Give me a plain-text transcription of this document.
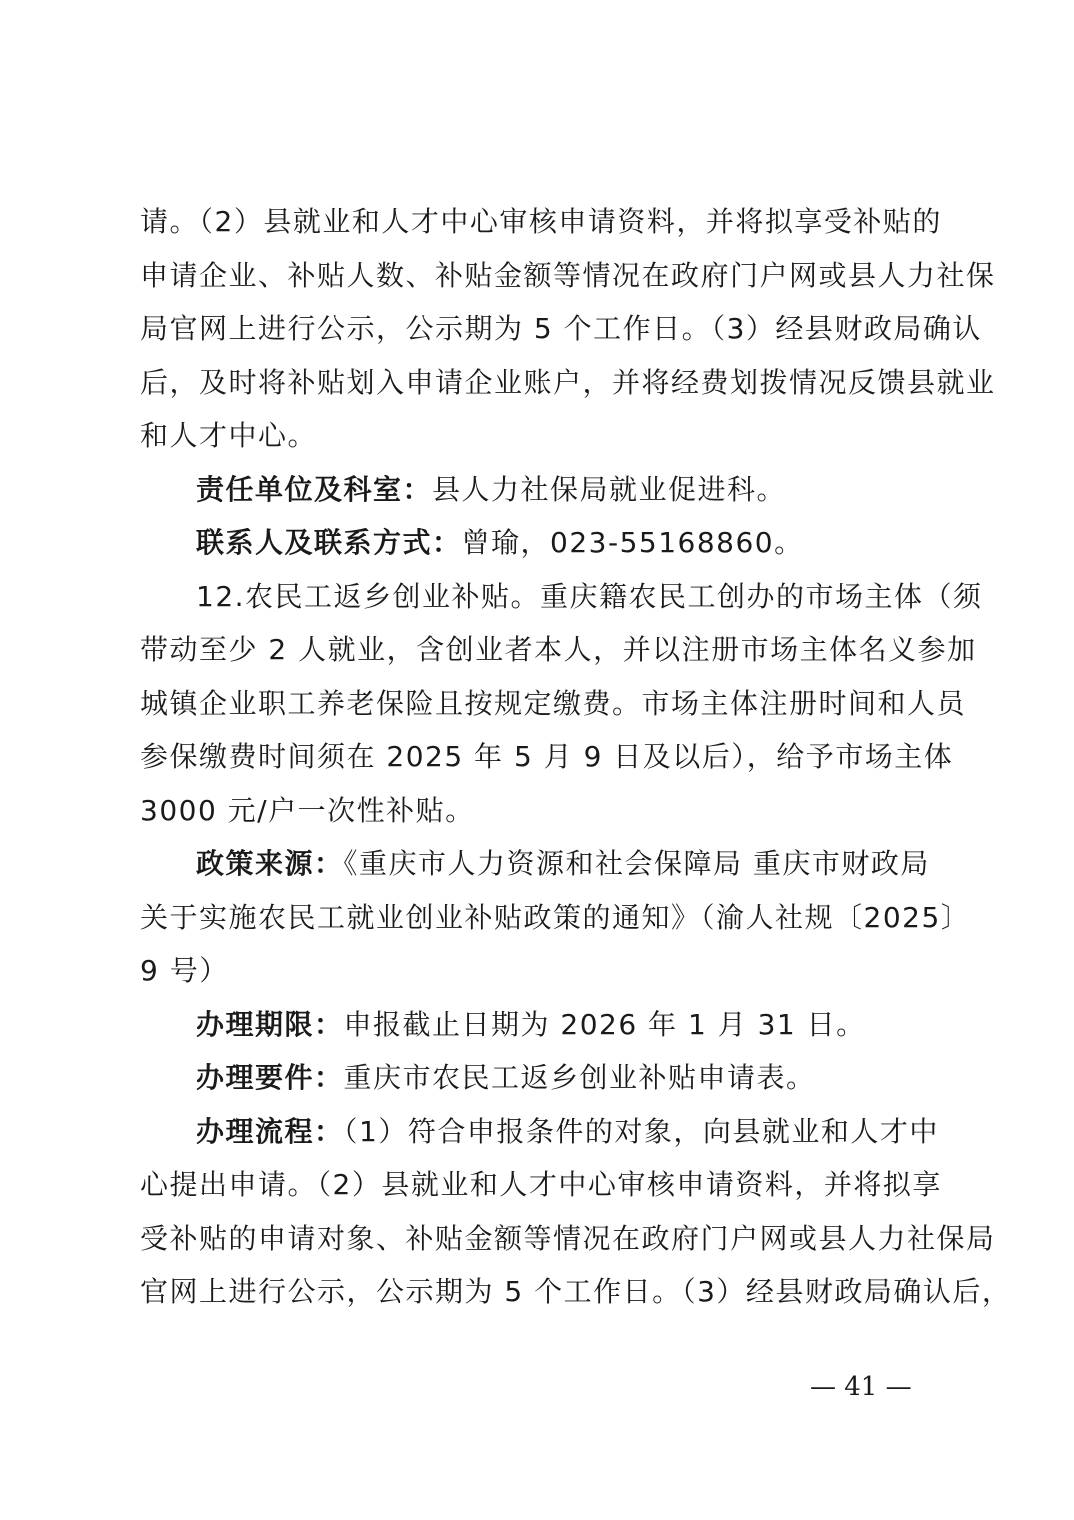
请。（2）县就业和人才中心审核申请资料，并将拟享受补贴的
申请企业、补贴人数、补贴金额等情况在政府门户网或县人力社保
局官网上进行公示，公示期为 5 个工作日。（3）经县财政局确认
后，及时将补贴划入申请企业账户，并将经费划拨情况反馈县就业
和人才中心。
责任单位及科室：县人力社保局就业促进科。
联系人及联系方式：曾瑜，023-55168860。
12.农民工返乡创业补贴。重庆籍农民工创办的市场主体（须
带动至少 2 人就业，含创业者本人，并以注册市场主体名义参加
城镇企业职工养老保险且按规定缴费。市场主体注册时间和人员
参保缴费时间须在 2025 年 5 月 9 日及以后），给予市场主体
3000 元/户一次性补贴。
政策来源：《重庆市人力资源和社会保障局 重庆市财政局
关于实施农民工就业创业补贴政策的通知》（渝人社规〔2025〕
9 号）
办理期限：申报截止日期为 2026 年 1 月 31 日。
办理要件：重庆市农民工返乡创业补贴申请表。
办理流程：（1）符合申报条件的对象，向县就业和人才中
心提出申请。（2）县就业和人才中心审核申请资料，并将拟享
受补贴的申请对象、补贴金额等情况在政府门户网或县人力社保局
官网上进行公示，公示期为 5 个工作日。（3）经县财政局确认后，
— 41 —
